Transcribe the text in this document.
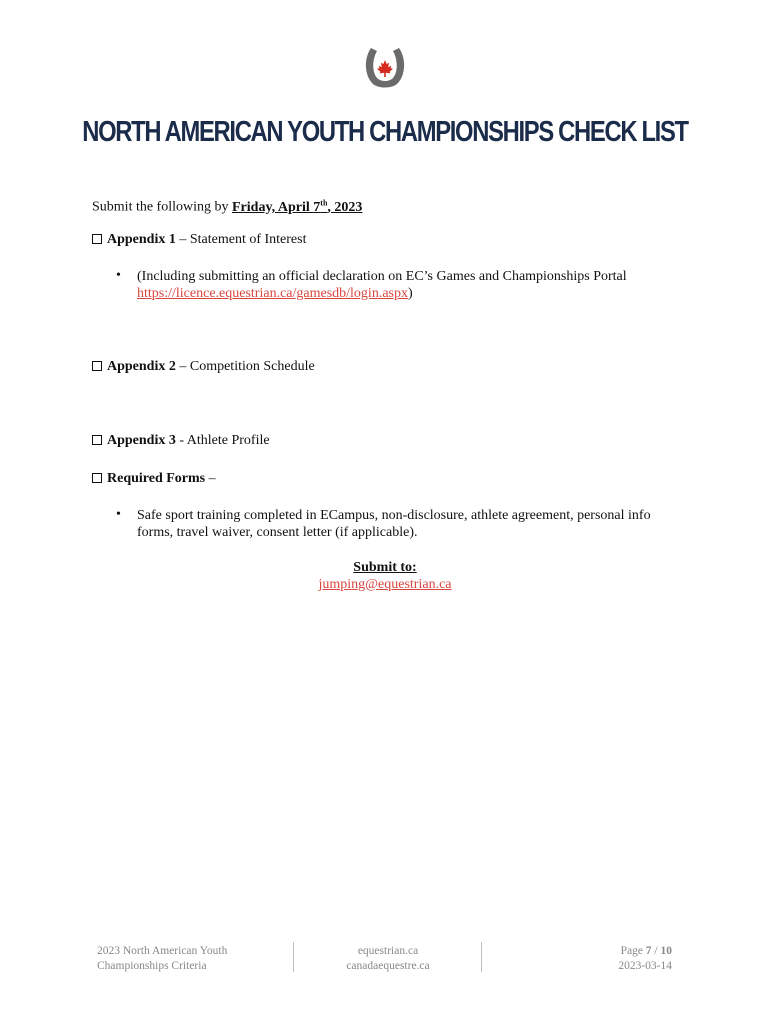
NORTH AMERICAN YOUTH CHAMPIONSHIPS CHECK LIST
Submit the following by Friday, April 7th, 2023
Appendix 1 – Statement of Interest
• (Including submitting an official declaration on EC’s Games and Championships Portal
https://licence.equestrian.ca/gamesdb/login.aspx)
Appendix 2 – Competition Schedule
Appendix 3 - Athlete Profile
Required Forms –
• Safe sport training completed in ECampus, non-disclosure, athlete agreement, personal info
forms, travel waiver, consent letter (if applicable).
Submit to:
jumping@equestrian.ca
2023 North American Youth
Championships Criteria
equestrian.ca
canadaequestre.ca
Page 7 / 10
2023-03-14
